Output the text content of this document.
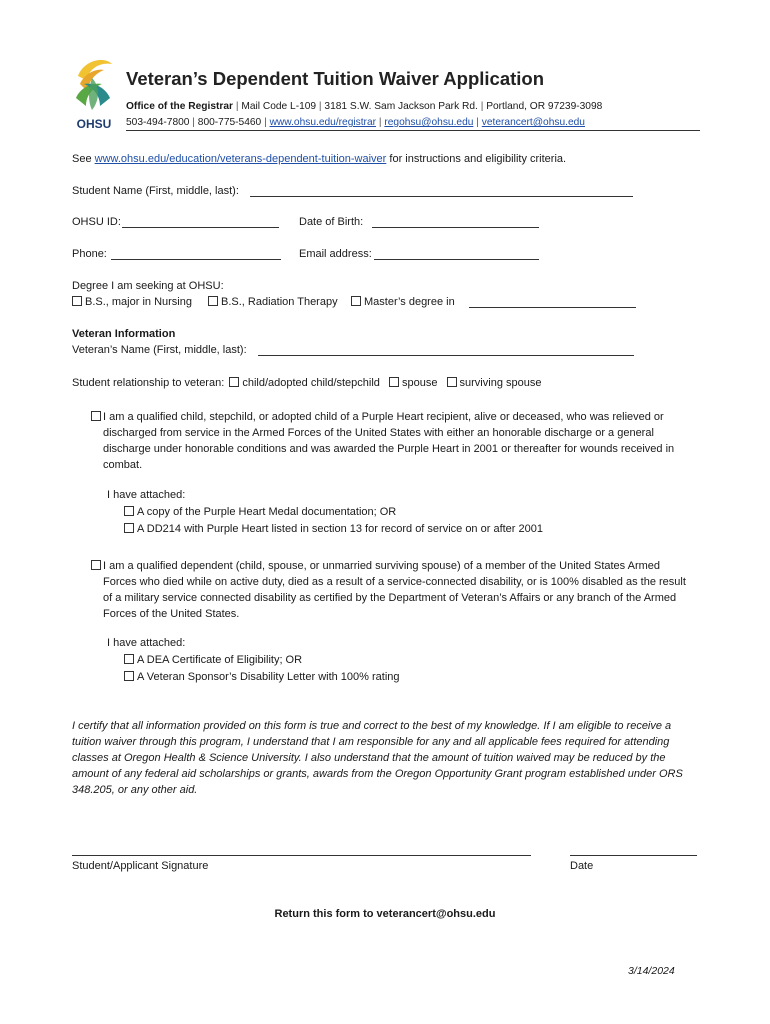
OHSU
Veteran’s Dependent Tuition Waiver Application
Office of the Registrar | Mail Code L-109 | 3181 S.W. Sam Jackson Park Rd. | Portland, OR 97239-3098
503-494-7800 | 800-775-5460 | www.ohsu.edu/registrar | regohsu@ohsu.edu | veterancert@ohsu.edu
See www.ohsu.edu/education/veterans-dependent-tuition-waiver for instructions and eligibility criteria.
Student Name (First, middle, last):
OHSU ID:	Date of Birth:
Phone:	Email address:
Degree I am seeking at OHSU:
B.S., major in Nursing	B.S., Radiation Therapy	Master’s degree in
Veteran Information
Veteran’s Name (First, middle, last):
Student relationship to veteran: child/adopted child/stepchild spouse surviving spouse
I am a qualified child, stepchild, or adopted child of a Purple Heart recipient, alive or deceased, who was relieved or discharged from service in the Armed Forces of the United States with either an honorable discharge or a general discharge under honorable conditions and was awarded the Purple Heart in 2001 or thereafter for wounds received in combat.
I have attached:
A copy of the Purple Heart Medal documentation; OR
A DD214 with Purple Heart listed in section 13 for record of service on or after 2001
I am a qualified dependent (child, spouse, or unmarried surviving spouse) of a member of the United States Armed Forces who died while on active duty, died as a result of a service-connected disability, or is 100% disabled as the result of a military service connected disability as certified by the Department of Veteran’s Affairs or any branch of the Armed Forces of the United States.
I have attached:
A DEA Certificate of Eligibility; OR
A Veteran Sponsor’s Disability Letter with 100% rating
I certify that all information provided on this form is true and correct to the best of my knowledge. If I am eligible to receive a tuition waiver through this program, I understand that I am responsible for any and all applicable fees required for attending classes at Oregon Health & Science University. I also understand that the amount of tuition waived may be reduced by the amount of any federal aid scholarships or grants, awards from the Oregon Opportunity Grant program established under ORS 348.205, or any other aid.
Student/Applicant Signature	Date
Return this form to veterancert@ohsu.edu
3/14/2024
